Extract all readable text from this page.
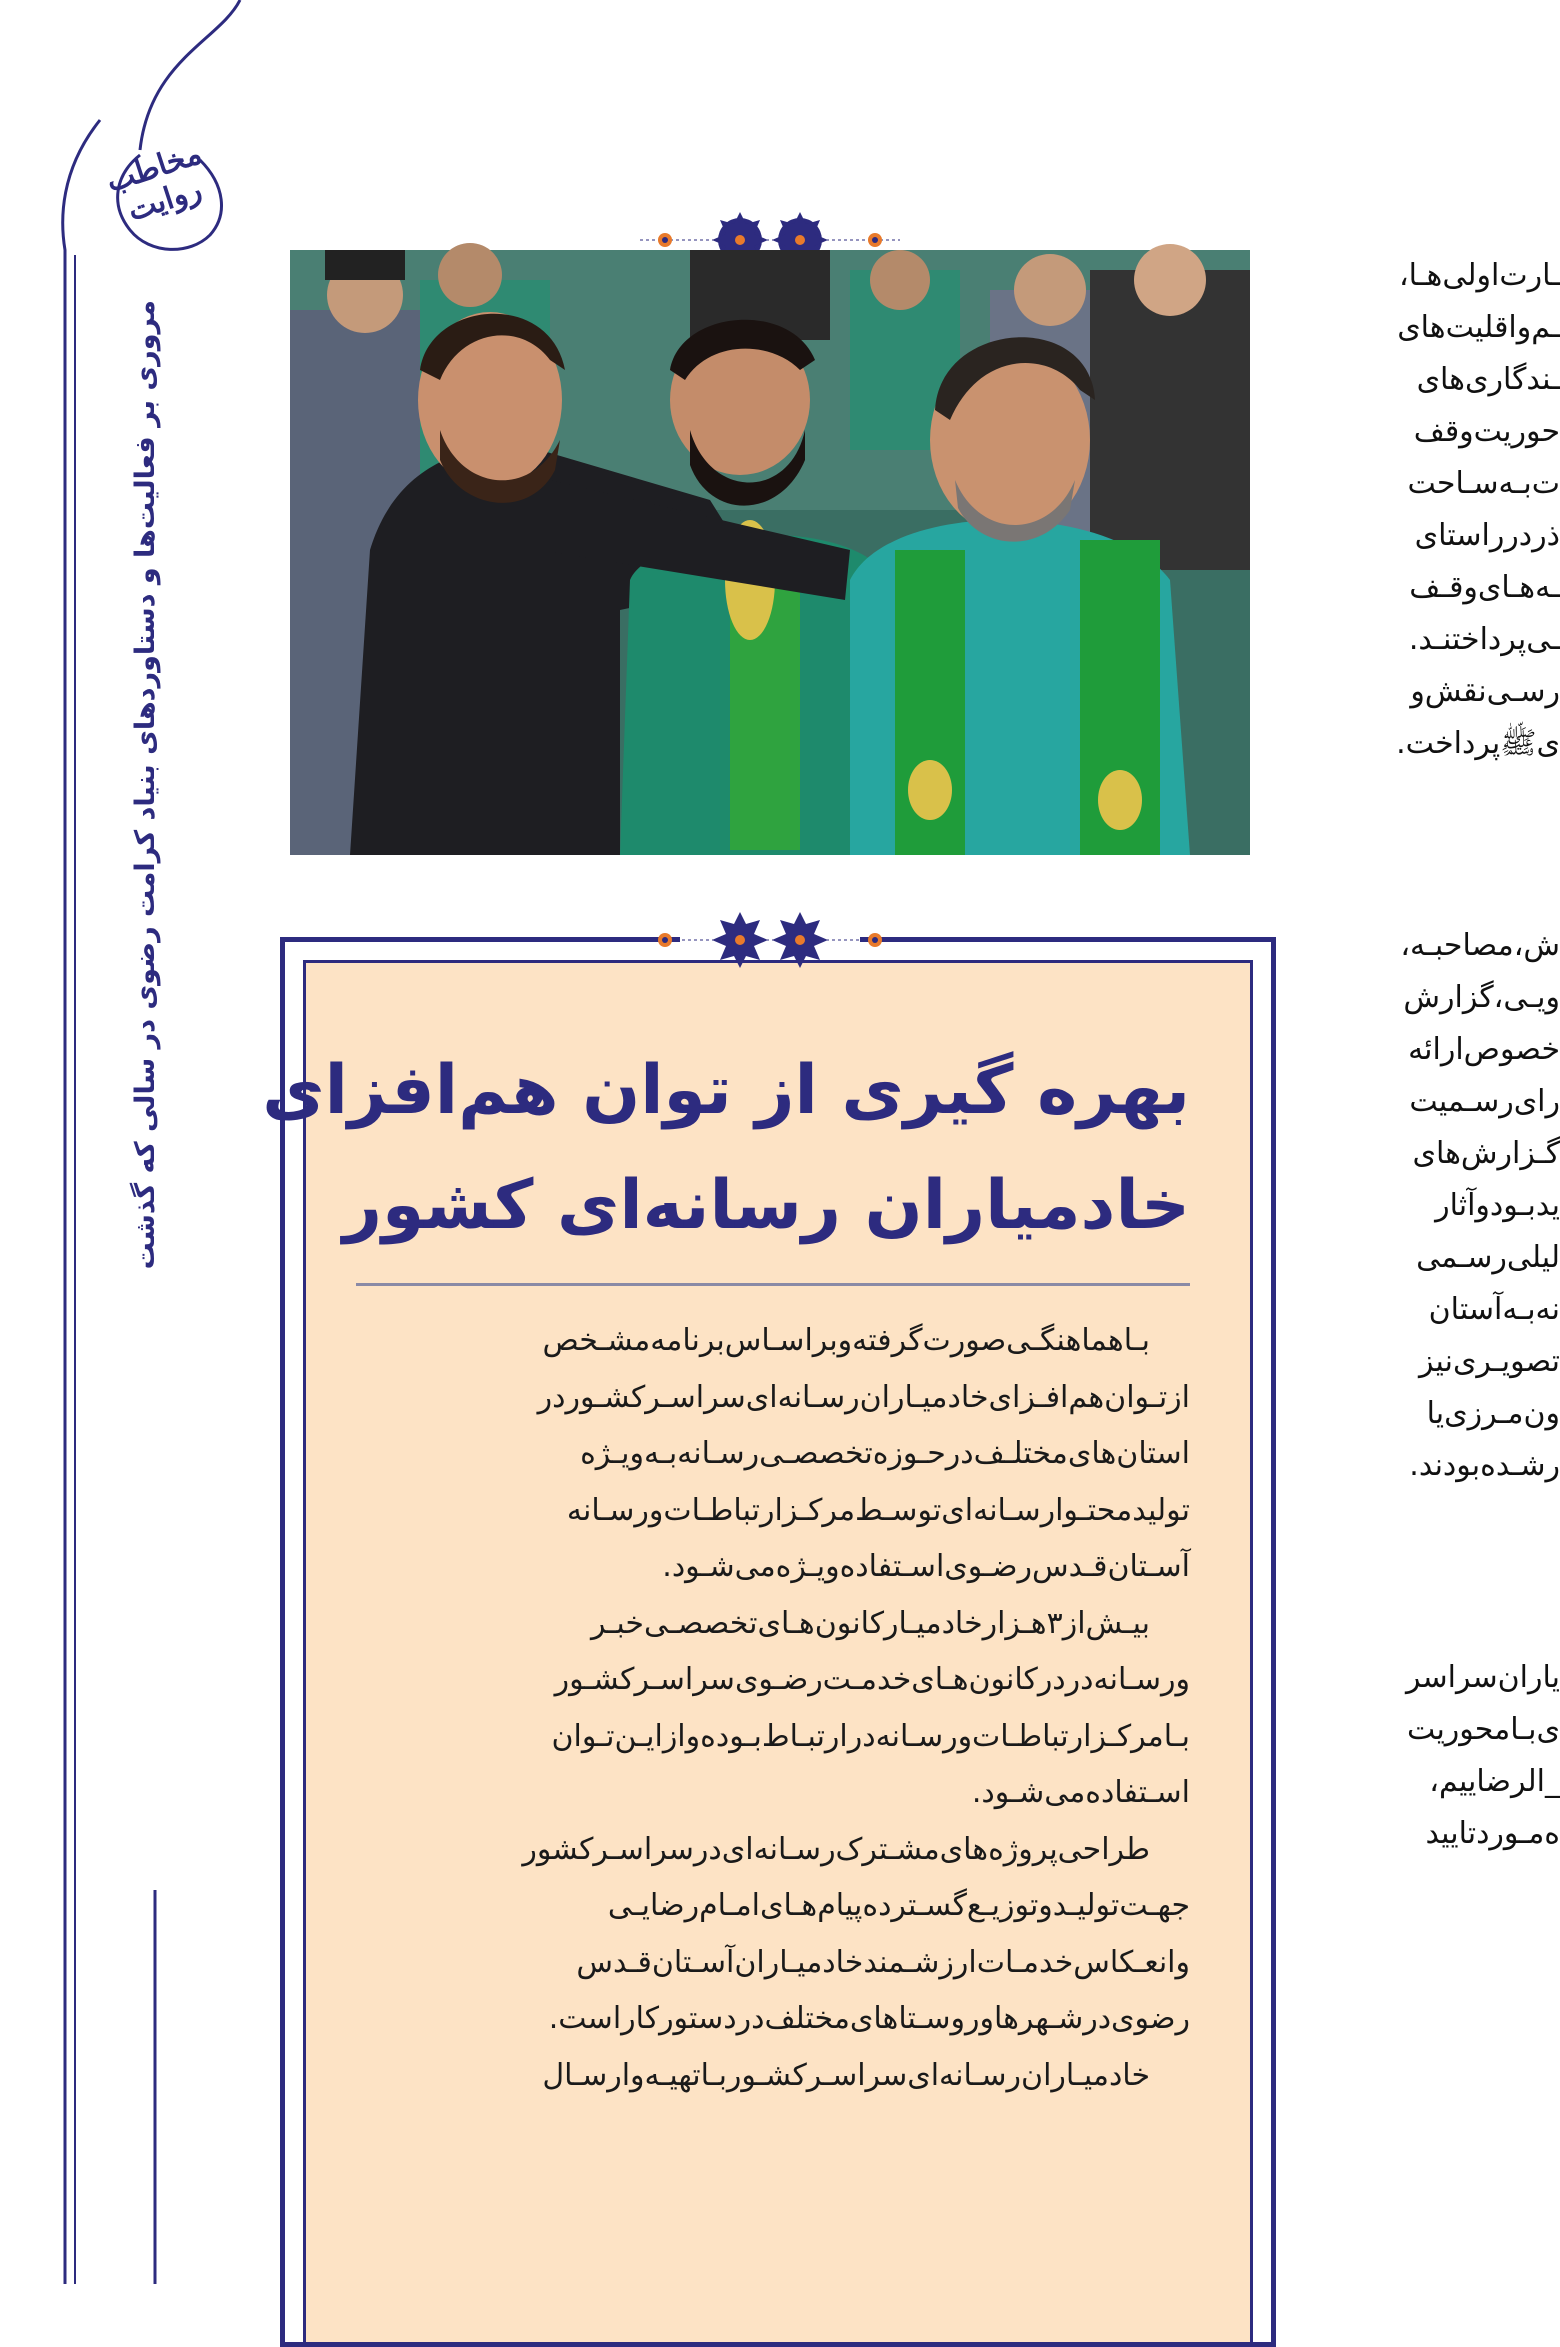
مخاطب روایت
مروری بر فعالیت‌ها و دستاوردهای بنیاد کرامت رضوی در سالی که گذشت
ـارت‌اولی‌هـا،
ـم‌واقلیت‌های
ـندگاری‌های
حوریت‌وقف
ت‌بـه‌سـاحت
ذردرراستای
ـه‌هـای‌وقـف
ـی‌پرداختنـد.
رسـی‌نقش‌و
ی‌ﷺ‌پرداخت.
ش،مصاحبـه،
ویـی،گزارش
خصوص‌ارائه
رای‌رسـمیت
گـزارش‌های
یدبـودوآثار
لیلی‌رسـمی
نه‌بـه‌آستان
تصویـری‌نیز
ون‌مـرزی‌یا
رشـده‌بودند.
یاران‌سراسر
ی‌بـامحوریت
_الرضاییم،
ه‌مـوردتایید
بهره گیری از توان هم‌افزای
خادمیاران رسانه‌ای کشور

بـاهماهنگـی‌صورت‌گرفته‌وبراسـاس‌برنامه‌مشـخص از‌تـوان‌هم‌افـزای‌خادمیـاران‌رسـانه‌ای‌سراسـر‌کشـور‌در استان‌های‌مختلـف‌درحـوزه‌تخصصـی‌رسـانه‌بـه‌ویـژه تولیدمحتـوار‌سـانه‌ای‌توسـط‌مرکـز‌ارتباطـات‌ورسـانه آسـتان‌قـدس‌رضـوی‌اسـتفاده‌ویـژه‌می‌شـود.

بیـش‌از‌۳هـزار‌خادمیـار‌کانون‌هـای‌تخصصـی‌خبـر ورسـانه‌دردرکانون‌هـای‌خدمـت‌رضـوی‌سراسـر‌کشـور بـامرکـزارتباطـات‌ورسـانه‌درارتبـاط‌بـوده‌وازایـن‌تـوان اسـتفاده‌می‌شـود.

طراحی‌پروژه‌های‌مشـترک‌رسـانه‌ای‌درسراسـر‌کشور جهـت‌تولیـدوتوزیـع‌گسـترده‌پیام‌هـای‌امـام‌رضایـی وانعـکاس‌خدمـات‌ارزشـمندخادمیـاران‌آسـتان‌قـدس رضوی‌درشـهرهاوروسـتاهای‌مختلف‌دردستور‌کاراست.

خادمیـاران‌رسـانه‌ای‌سراسـر‌کشـور‌بـاتهیـه‌وارسـال
